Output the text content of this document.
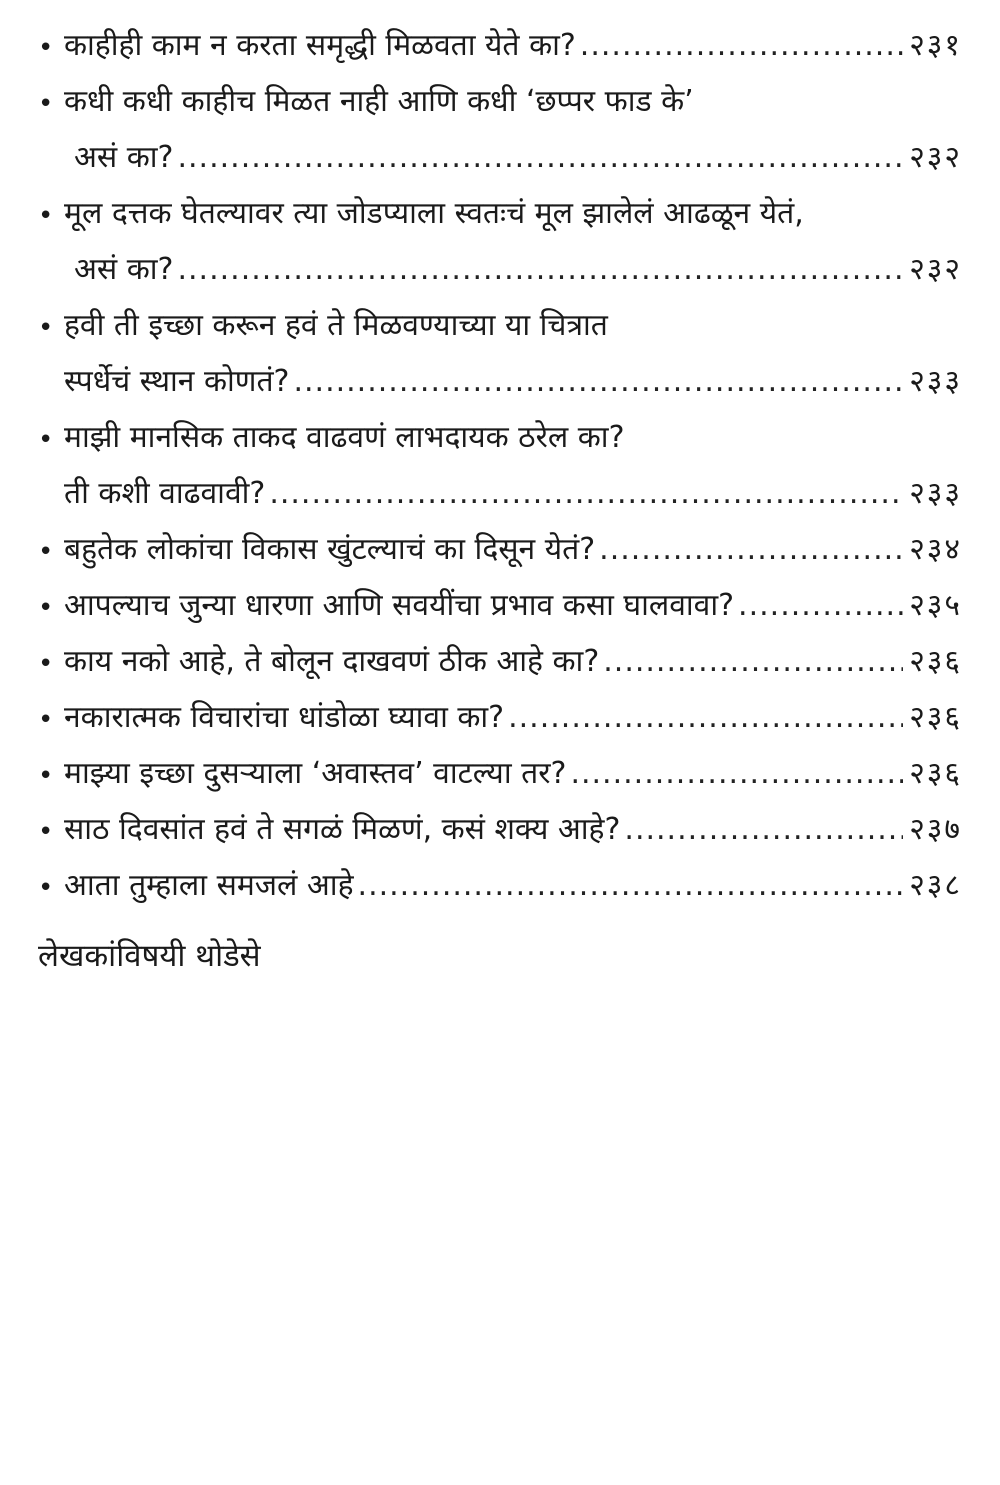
• काहीही काम न करता समृद्धी मिळवता येते का? .....	२३१
• कधी कधी काहीच मिळत नाही आणि कधी ‘छप्पर फाड के’
असं का? .....	२३२
• मूल दत्तक घेतल्यावर त्या जोडप्याला स्वतःचं मूल झालेलं आढळून येतं,
असं का? .....	२३२
• हवी ती इच्छा करून हवं ते मिळवण्याच्या या चित्रात
स्पर्धेचं स्थान कोणतं? .....	२३३
• माझी मानसिक ताकद वाढवणं लाभदायक ठरेल का?
ती कशी वाढवावी? .....	२३३
• बहुतेक लोकांचा विकास खुंटल्याचं का दिसून येतं? .....	२३४
• आपल्याच जुन्या धारणा आणि सवयींचा प्रभाव कसा घालवावा? .....	२३५
• काय नको आहे, ते बोलून दाखवणं ठीक आहे का? .....	२३६
• नकारात्मक विचारांचा धांडोळा घ्यावा का? .....	२३६
• माझ्या इच्छा दुसऱ्याला ‘अवास्तव’ वाटल्या तर? .....	२३६
• साठ दिवसांत हवं ते सगळं मिळणं, कसं शक्य आहे? .....	२३७
• आता तुम्हाला समजलं आहे .....	२३८
लेखकांविषयी थोडेसे
